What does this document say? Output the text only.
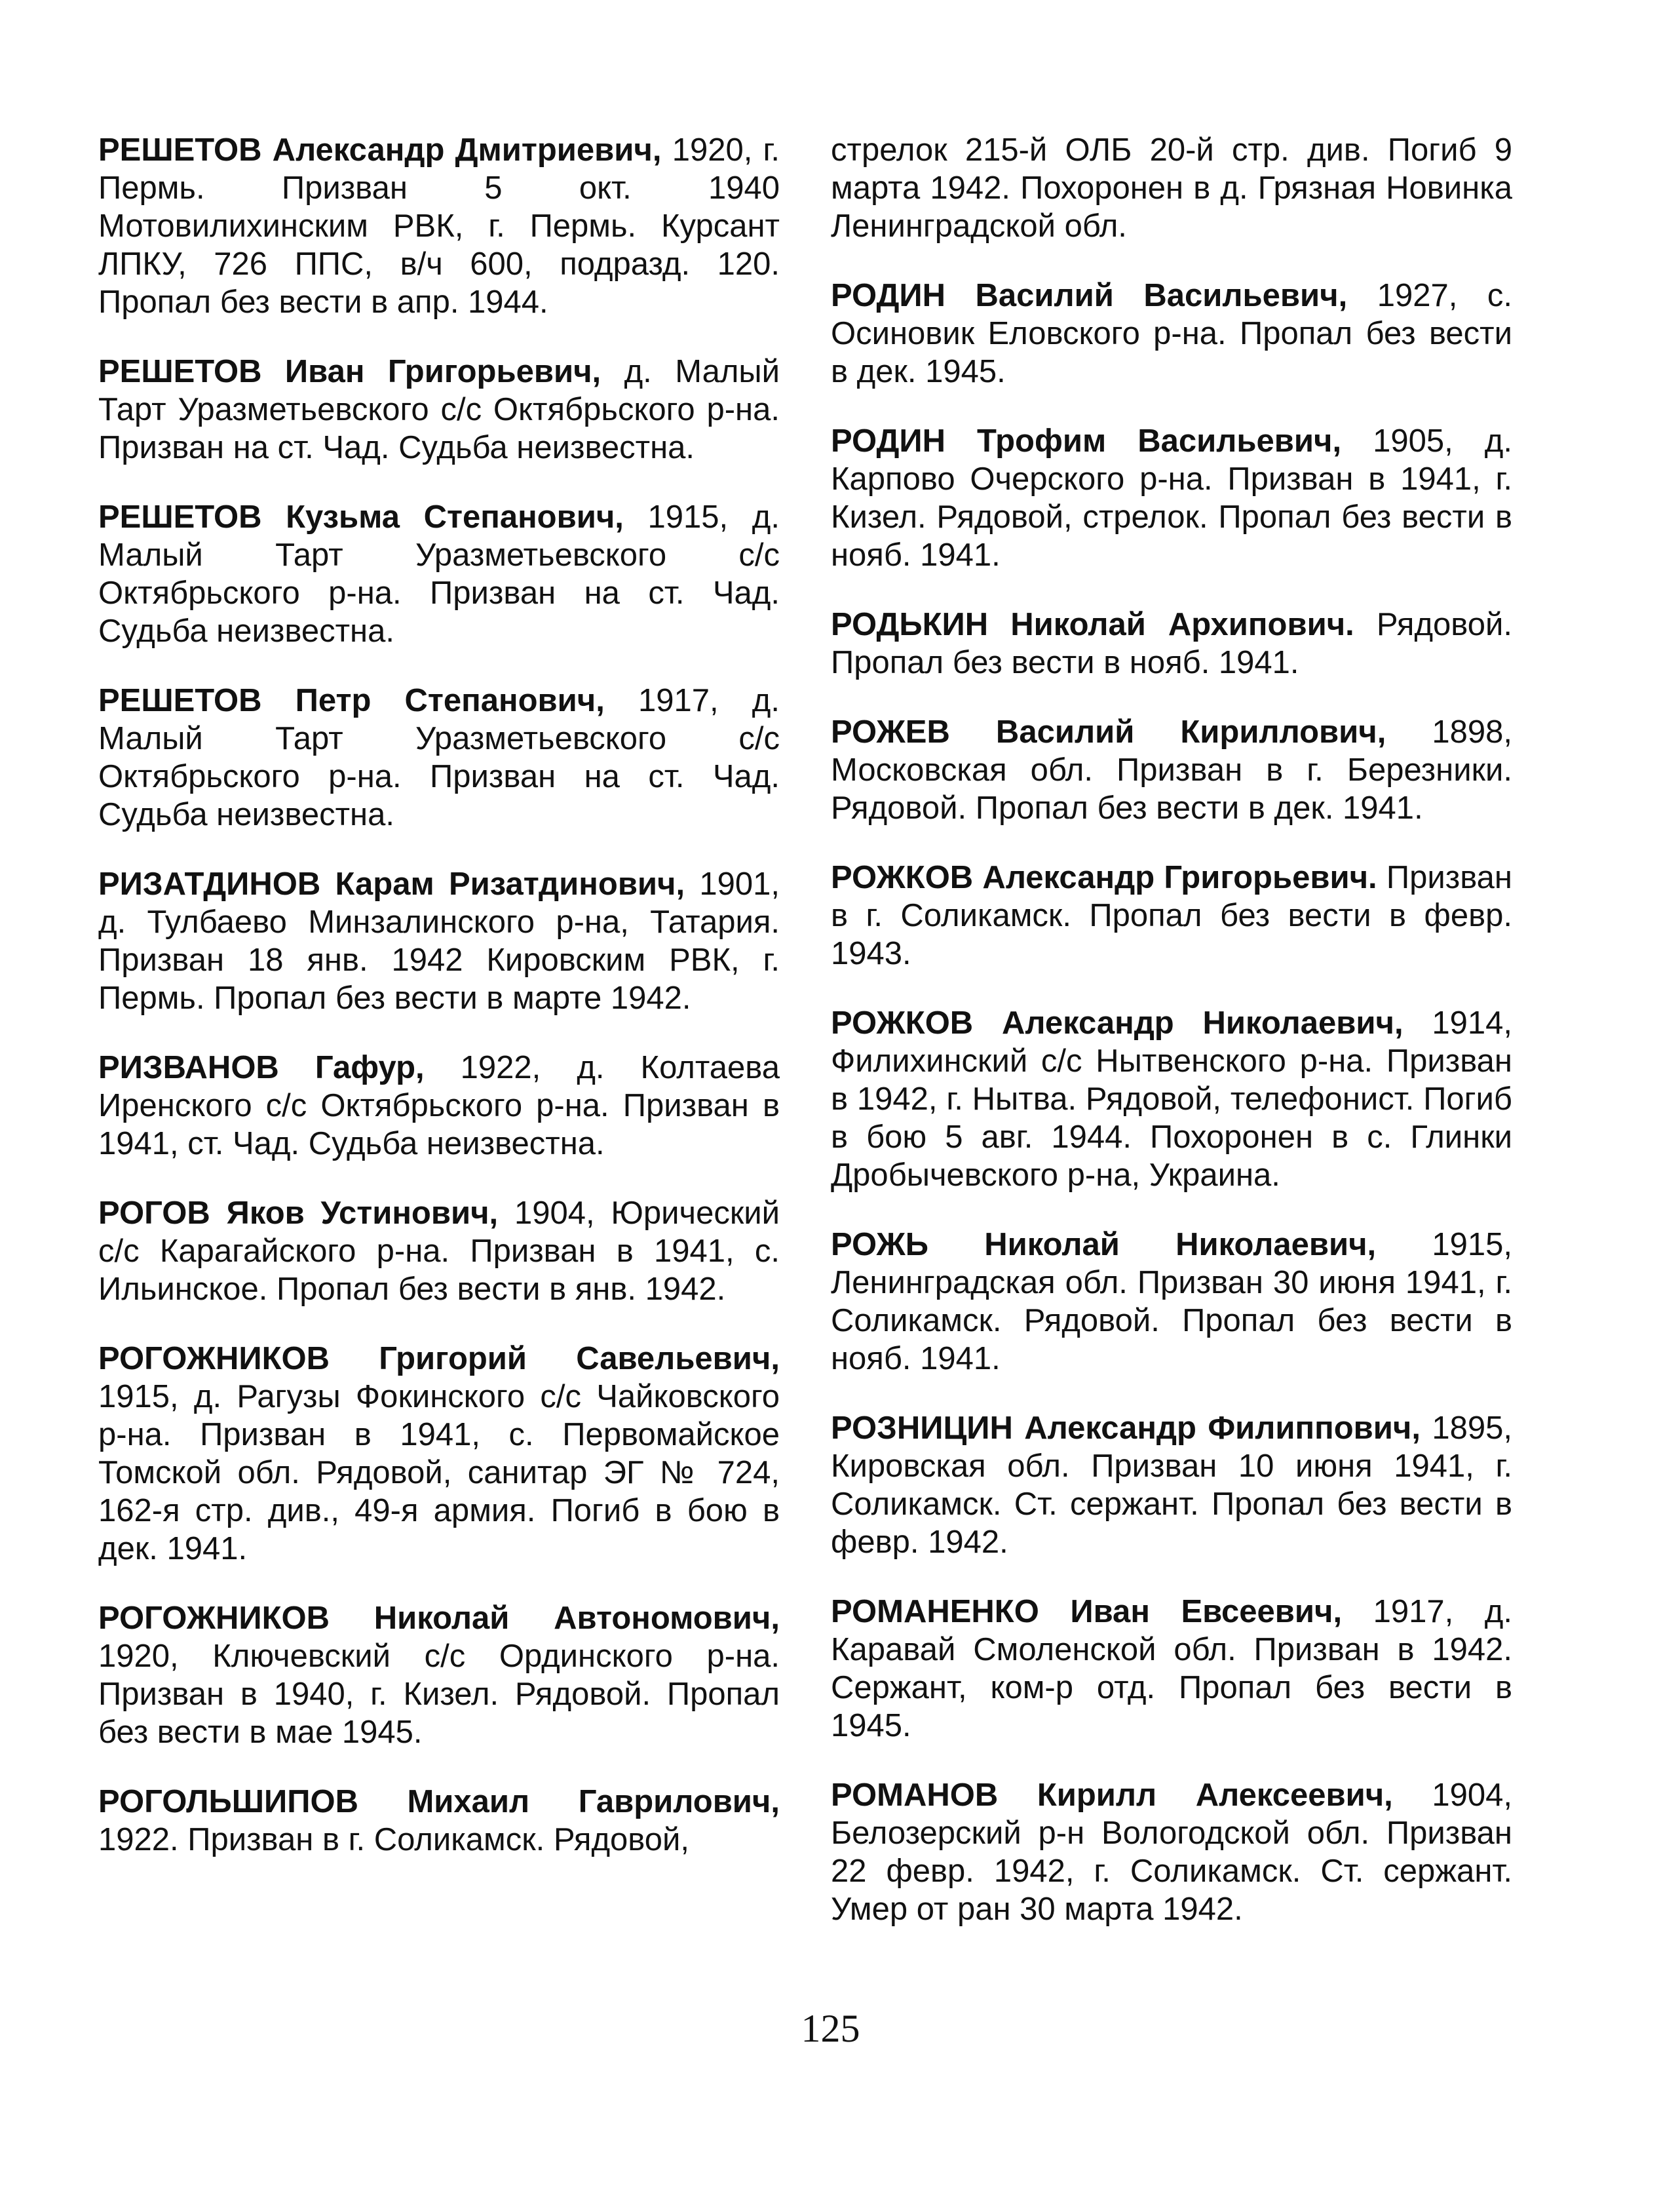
РЕШЕТОВ Александр Дмитриевич, 1920, г. Пермь. Призван 5 окт. 1940 Мотовилихинским РВК, г. Пермь. Курсант ЛПКУ, 726 ППС, в/ч 600, подразд. 120. Пропал без вести в апр. 1944.

РЕШЕТОВ Иван Григорьевич, д. Малый Тарт Уразметьевского с/с Октябрьского р-на. Призван на ст. Чад. Судьба неизвестна.

РЕШЕТОВ Кузьма Степанович, 1915, д. Малый Тарт Уразметьевского с/с Октябрьского р-на. Призван на ст. Чад. Судьба неизвестна.

РЕШЕТОВ Петр Степанович, 1917, д. Малый Тарт Уразметьевского с/с Октябрьского р-на. Призван на ст. Чад. Судьба неизвестна.

РИЗАТДИНОВ Карам Ризатдинович, 1901, д. Тулбаево Минзалинского р-на, Татария. Призван 18 янв. 1942 Кировским РВК, г. Пермь. Пропал без вести в марте 1942.

РИЗВАНОВ Гафур, 1922, д. Колтаева Иренского с/с Октябрьского р-на. Призван в 1941, ст. Чад. Судьба неизвестна.

РОГОВ Яков Устинович, 1904, Юрический с/с Карагайского р-на. Призван в 1941, с. Ильинское. Пропал без вести в янв. 1942.

РОГОЖНИКОВ Григорий Савельевич, 1915, д. Рагузы Фокинского с/с Чайковского р-на. Призван в 1941, с. Первомайское Томской обл. Рядовой, санитар ЭГ № 724, 162-я стр. див., 49-я армия. Погиб в бою в дек. 1941.

РОГОЖНИКОВ Николай Автономович, 1920, Ключевский с/с Ординского р-на. Призван в 1940, г. Кизел. Рядовой. Пропал без вести в мае 1945.

РОГОЛЬШИПОВ Михаил Гаврилович, 1922. Призван в г. Соликамск. Рядовой,

стрелок 215-й ОЛБ 20-й стр. див. Погиб 9 марта 1942. Похоронен в д. Грязная Новинка Ленинградской обл.

РОДИН Василий Васильевич, 1927, с. Осиновик Еловского р-на. Пропал без вести в дек. 1945.

РОДИН Трофим Васильевич, 1905, д. Карпово Очерского р-на. Призван в 1941, г. Кизел. Рядовой, стрелок. Пропал без вести в нояб. 1941.

РОДЬКИН Николай Архипович. Рядовой. Пропал без вести в нояб. 1941.

РОЖЕВ Василий Кириллович, 1898, Московская обл. Призван в г. Березники. Рядовой. Пропал без вести в дек. 1941.

РОЖКОВ Александр Григорьевич. Призван в г. Соликамск. Пропал без вести в февр. 1943.

РОЖКОВ Александр Николаевич, 1914, Филихинский с/с Нытвенского р-на. Призван в 1942, г. Нытва. Рядовой, телефонист. Погиб в бою 5 авг. 1944. Похоронен в с. Глинки Дробычевского р-на, Украина.

РОЖЬ Николай Николаевич, 1915, Ленинградская обл. Призван 30 июня 1941, г. Соликамск. Рядовой. Пропал без вести в нояб. 1941.

РОЗНИЦИН Александр Филиппович, 1895, Кировская обл. Призван 10 июня 1941, г. Соликамск. Ст. сержант. Пропал без вести в февр. 1942.

РОМАНЕНКО Иван Евсеевич, 1917, д. Каравай Смоленской обл. Призван в 1942. Сержант, ком-р отд. Пропал без вести в 1945.

РОМАНОВ Кирилл Алексеевич, 1904, Белозерский р-н Вологодской обл. Призван 22 февр. 1942, г. Соликамск. Ст. сержант. Умер от ран 30 марта 1942.

125
